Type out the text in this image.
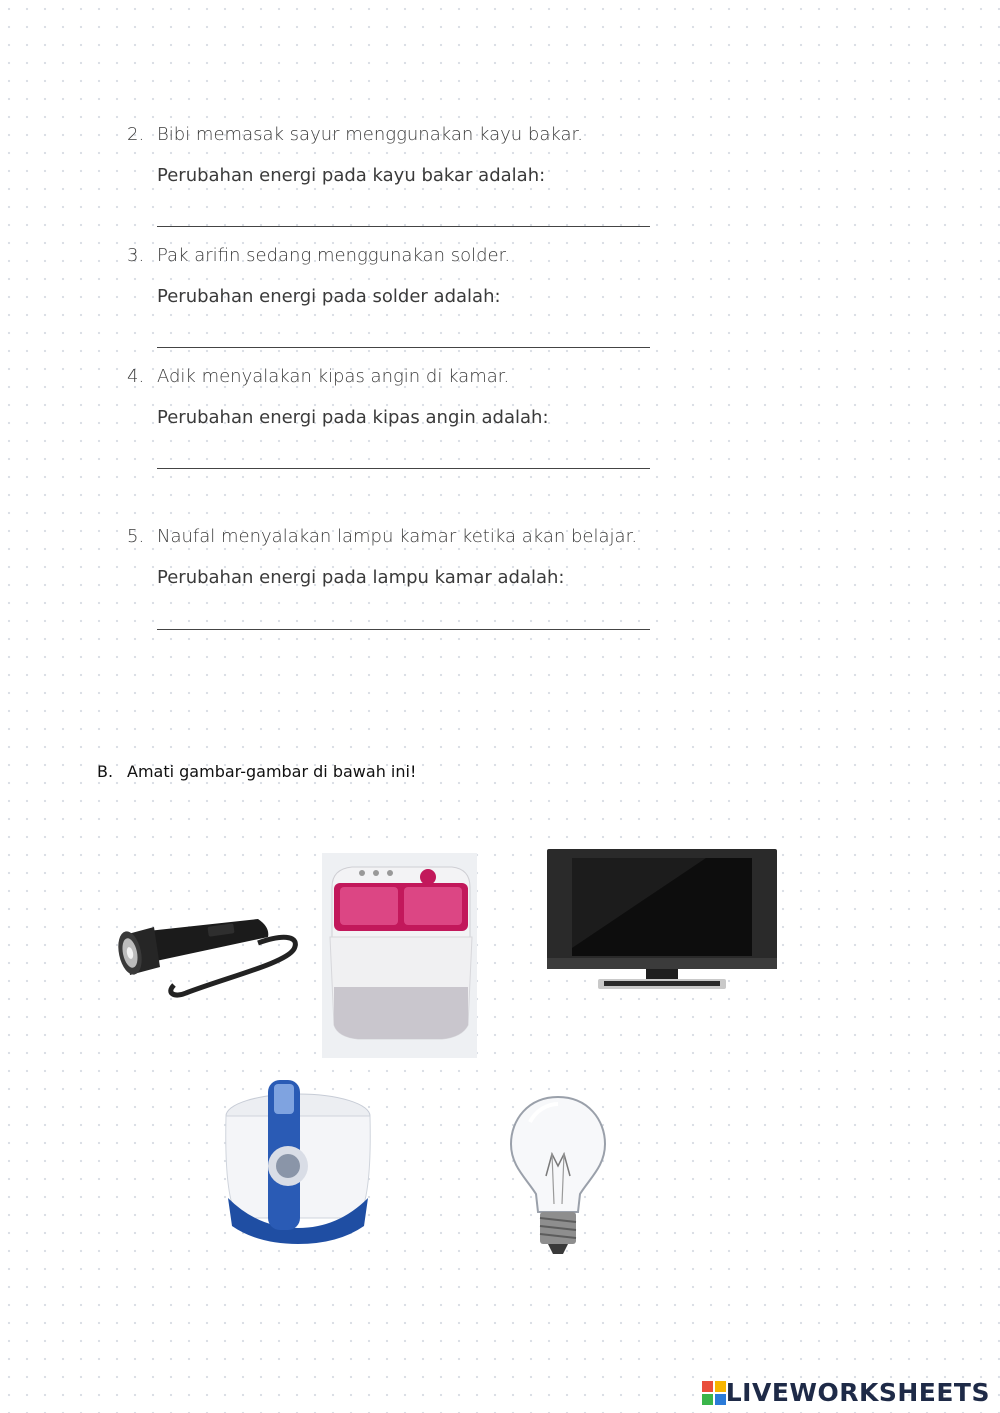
2. Bibi memasak sayur menggunakan kayu bakar.
Perubahan energi pada kayu bakar adalah:
3. Pak arifin sedang menggunakan solder.
Perubahan energi pada solder adalah:
4. Adik menyalakan kipas angin di kamar.
Perubahan energi pada kipas angin adalah:
5. Naufal menyalakan lampu kamar ketika akan belajar.
Perubahan energi pada lampu kamar adalah:
B. Amati gambar-gambar di bawah ini!
LIVEWORKSHEETS
